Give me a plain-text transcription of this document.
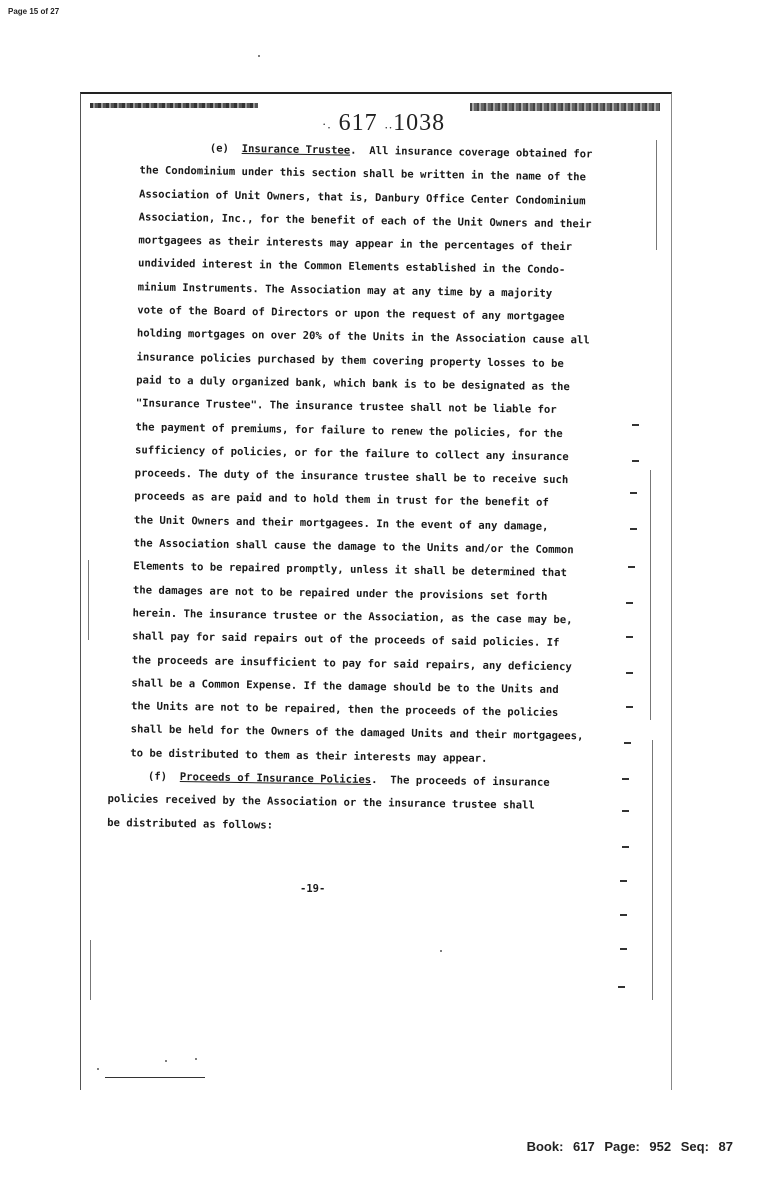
Page 15 of 27
·. 617 ..1038
(e) Insurance Trustee.  All insurance coverage obtained for
the Condominium under this section shall be written in the name of the
Association of Unit Owners, that is, Danbury Office Center Condominium
Association, Inc., for the benefit of each of the Unit Owners and their
mortgagees as their interests may appear in the percentages of their
undivided interest in the Common Elements established in the Condo-
minium Instruments. The Association may at any time by a majority
vote of the Board of Directors or upon the request of any mortgagee
holding mortgages on over 20% of the Units in the Association cause all
insurance policies purchased by them covering property losses to be
paid to a duly organized bank, which bank is to be designated as the
"Insurance Trustee". The insurance trustee shall not be liable for
the payment of premiums, for failure to renew the policies, for the
sufficiency of policies, or for the failure to collect any insurance
proceeds. The duty of the insurance trustee shall be to receive such
proceeds as are paid and to hold them in trust for the benefit of
the Unit Owners and their mortgagees. In the event of any damage,
the Association shall cause the damage to the Units and/or the Common
Elements to be repaired promptly, unless it shall be determined that
the damages are not to be repaired under the provisions set forth
herein. The insurance trustee or the Association, as the case may be,
shall pay for said repairs out of the proceeds of said policies. If
the proceeds are insufficient to pay for said repairs, any deficiency
shall be a Common Expense. If the damage should be to the Units and
the Units are not to be repaired, then the proceeds of the policies
shall be held for the Owners of the damaged Units and their mortgagees,
to be distributed to them as their interests may appear.
(f) Proceeds of Insurance Policies.  The proceeds of insurance
policies received by the Association or the insurance trustee shall
be distributed as follows:
-19-
Book: 617 Page: 952 Seq: 87
